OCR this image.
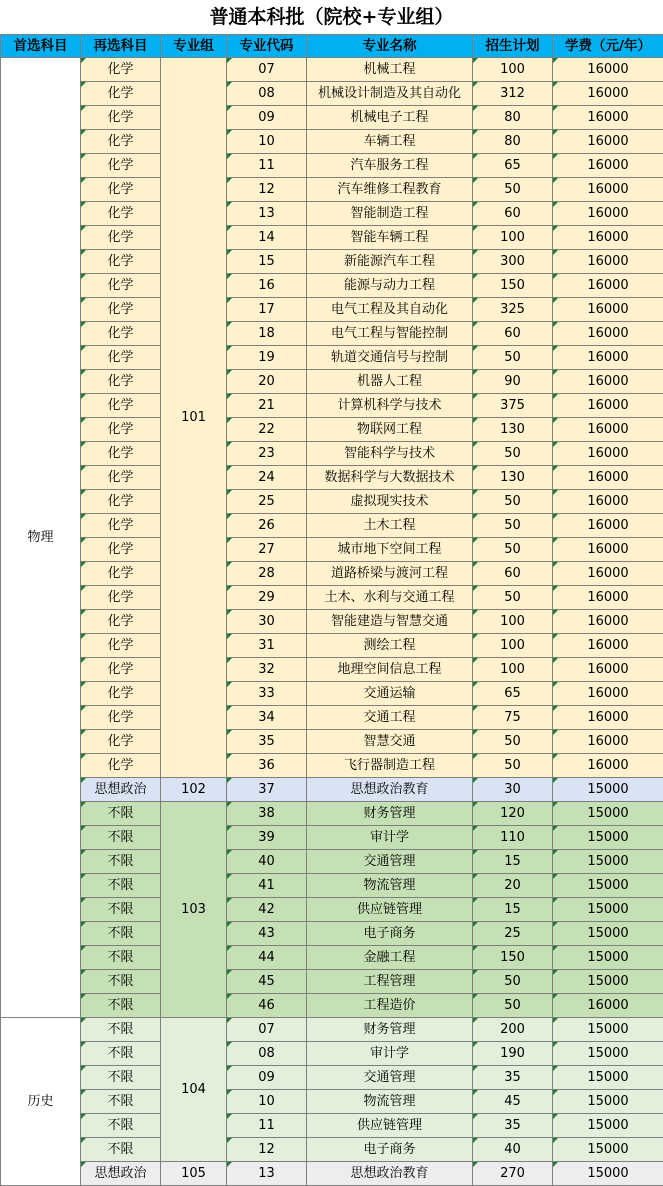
普通本科批（院校+专业组）
首选科目	再选科目	专业组	专业代码	专业名称	招生计划	学费（元/年）
物理	化学	101	07	机械工程	100	16000
	化学		08	机械设计制造及其自动化	312	16000
	化学		09	机械电子工程	80	16000
	化学		10	车辆工程	80	16000
	化学		11	汽车服务工程	65	16000
	化学		12	汽车维修工程教育	50	16000
	化学		13	智能制造工程	60	16000
	化学		14	智能车辆工程	100	16000
	化学		15	新能源汽车工程	300	16000
	化学		16	能源与动力工程	150	16000
	化学		17	电气工程及其自动化	325	16000
	化学		18	电气工程与智能控制	60	16000
	化学		19	轨道交通信号与控制	50	16000
	化学		20	机器人工程	90	16000
	化学		21	计算机科学与技术	375	16000
	化学		22	物联网工程	130	16000
	化学		23	智能科学与技术	50	16000
	化学		24	数据科学与大数据技术	130	16000
	化学		25	虚拟现实技术	50	16000
	化学		26	土木工程	50	16000
	化学		27	城市地下空间工程	50	16000
	化学		28	道路桥梁与渡河工程	60	16000
	化学		29	土木、水利与交通工程	50	16000
	化学		30	智能建造与智慧交通	100	16000
	化学		31	测绘工程	100	16000
	化学		32	地理空间信息工程	100	16000
	化学		33	交通运输	65	16000
	化学		34	交通工程	75	16000
	化学		35	智慧交通	50	16000
	化学		36	飞行器制造工程	50	16000
	思想政治	102	37	思想政治教育	30	15000
	不限	103	38	财务管理	120	15000
	不限		39	审计学	110	15000
	不限		40	交通管理	15	15000
	不限		41	物流管理	20	15000
	不限		42	供应链管理	15	15000
	不限		43	电子商务	25	15000
	不限		44	金融工程	150	15000
	不限		45	工程管理	50	15000
	不限		46	工程造价	50	16000
历史	不限	104	07	财务管理	200	15000
	不限		08	审计学	190	15000
	不限		09	交通管理	35	15000
	不限		10	物流管理	45	15000
	不限		11	供应链管理	35	15000
	不限		12	电子商务	40	15000
	思想政治	105	13	思想政治教育	270	15000
